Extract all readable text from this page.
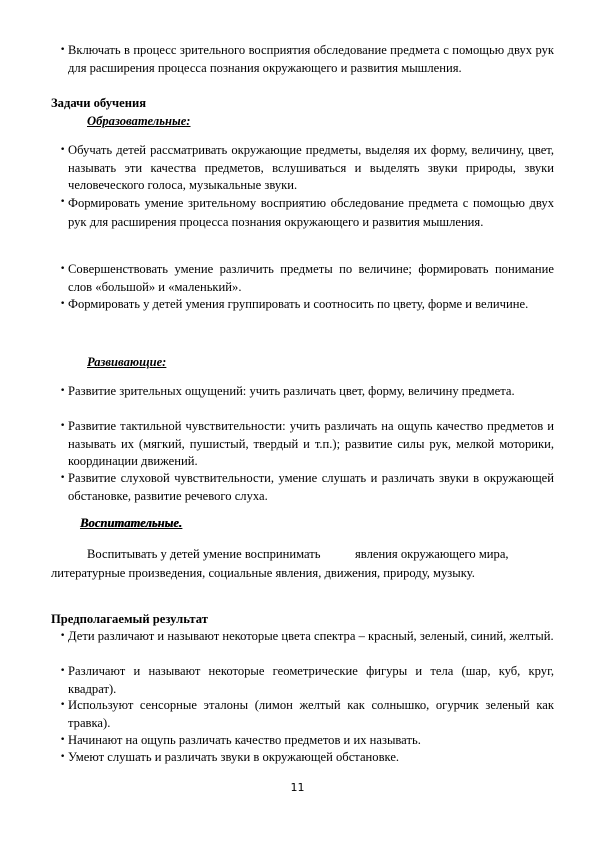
• Включать в процесс зрительного восприятия обследование предмета с помощью двух рук для расширения процесса познания окружающего и развития мышления.
Задачи обучения
Образовательные:
• Обучать детей рассматривать окружающие предметы, выделяя их форму, величину, цвет, называть эти качества предметов, вслушиваться и выделять звуки природы, звуки человеческого голоса, музыкальные звуки.
• Формировать умение зрительному восприятию обследование предмета с помощью двух рук для расширения процесса познания окружающего и развития мышления.
• Совершенствовать умение различить предметы по величине; формировать понимание слов «большой» и «маленький».
• Формировать у детей умения группировать и соотносить по цвету, форме и величине.
Развивающие:
• Развитие зрительных ощущений: учить различать цвет, форму, величину предмета.
• Развитие тактильной чувствительности: учить различать на ощупь качество предметов и называть их (мягкий, пушистый, твердый и т.п.); развитие силы рук, мелкой моторики, координации движений.
• Развитие слуховой чувствительности, умение слушать и различать звуки в окружающей обстановке, развитие речевого слуха.
Воспитательные.
Воспитывать у детей умение воспринимать	явления окружающего мира,
литературные произведения, социальные явления, движения, природу, музыку.
Предполагаемый результат
• Дети различают и называют некоторые цвета спектра – красный, зеленый, синий, желтый.
• Различают и называют некоторые геометрические фигуры и тела (шар, куб, круг, квадрат).
• Используют сенсорные эталоны (лимон желтый как солнышко, огурчик зеленый как травка).
• Начинают на ощупь различать качество предметов и их называть.
• Умеют слушать и различать звуки в окружающей обстановке.
11
